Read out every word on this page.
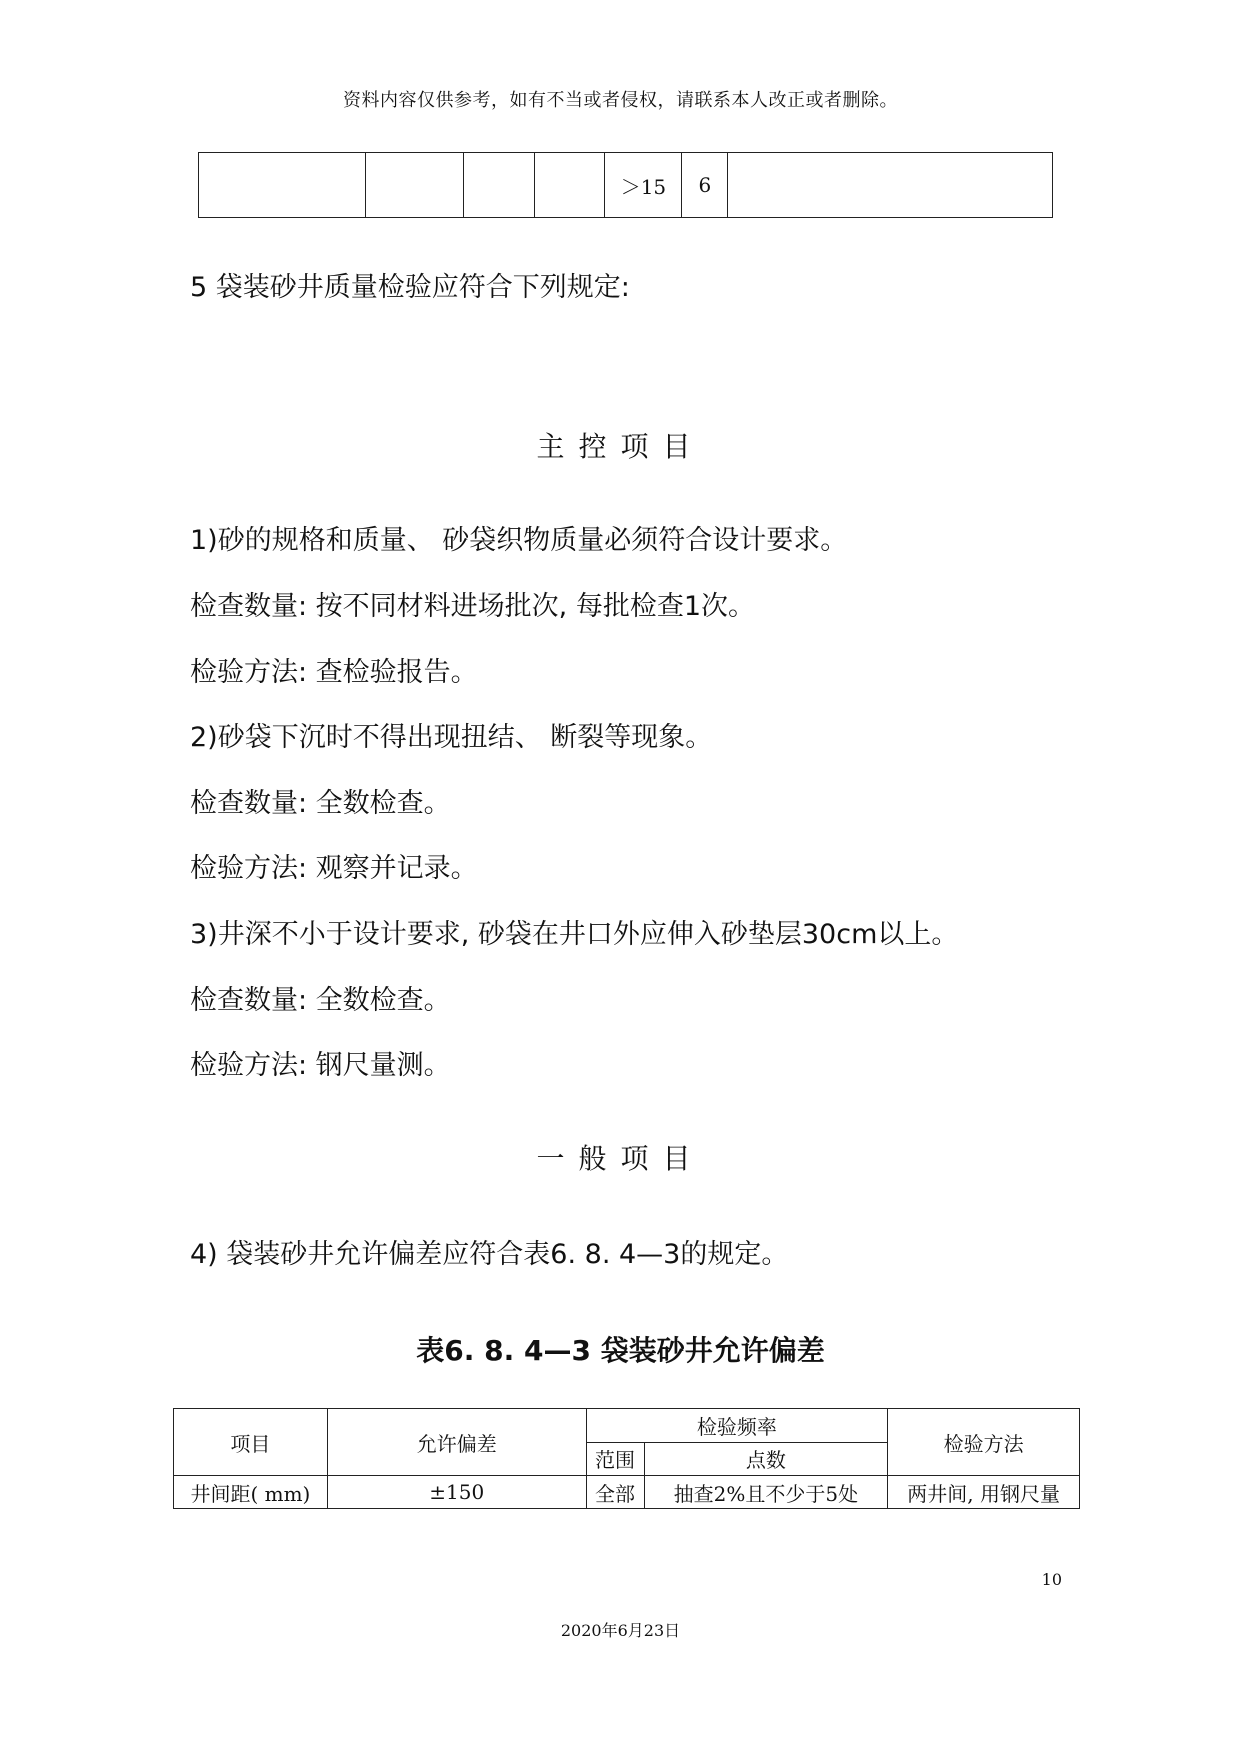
资料内容仅供参考，如有不当或者侵权，请联系本人改正或者删除。
				＞15	6	
5 袋装砂井质量检验应符合下列规定:
主控项目
1)砂的规格和质量、 砂袋织物质量必须符合设计要求。
检查数量: 按不同材料进场批次, 每批检查1次。
检验方法: 查检验报告。
2)砂袋下沉时不得出现扭结、 断裂等现象。
检查数量: 全数检查。
检验方法: 观察并记录。
3)井深不小于设计要求, 砂袋在井口外应伸入砂垫层30cm以上。
检查数量: 全数检查。
检验方法: 钢尺量测。
一般项目
4) 袋装砂井允许偏差应符合表6. 8. 4—3的规定。
表6. 8. 4—3 袋装砂井允许偏差
项目	允许偏差	检验频率		检验方法
		范围	点数	
井间距( mm)	±150	全部	抽查2%且不少于5处	两井间, 用钢尺量
10
2020年6月23日
